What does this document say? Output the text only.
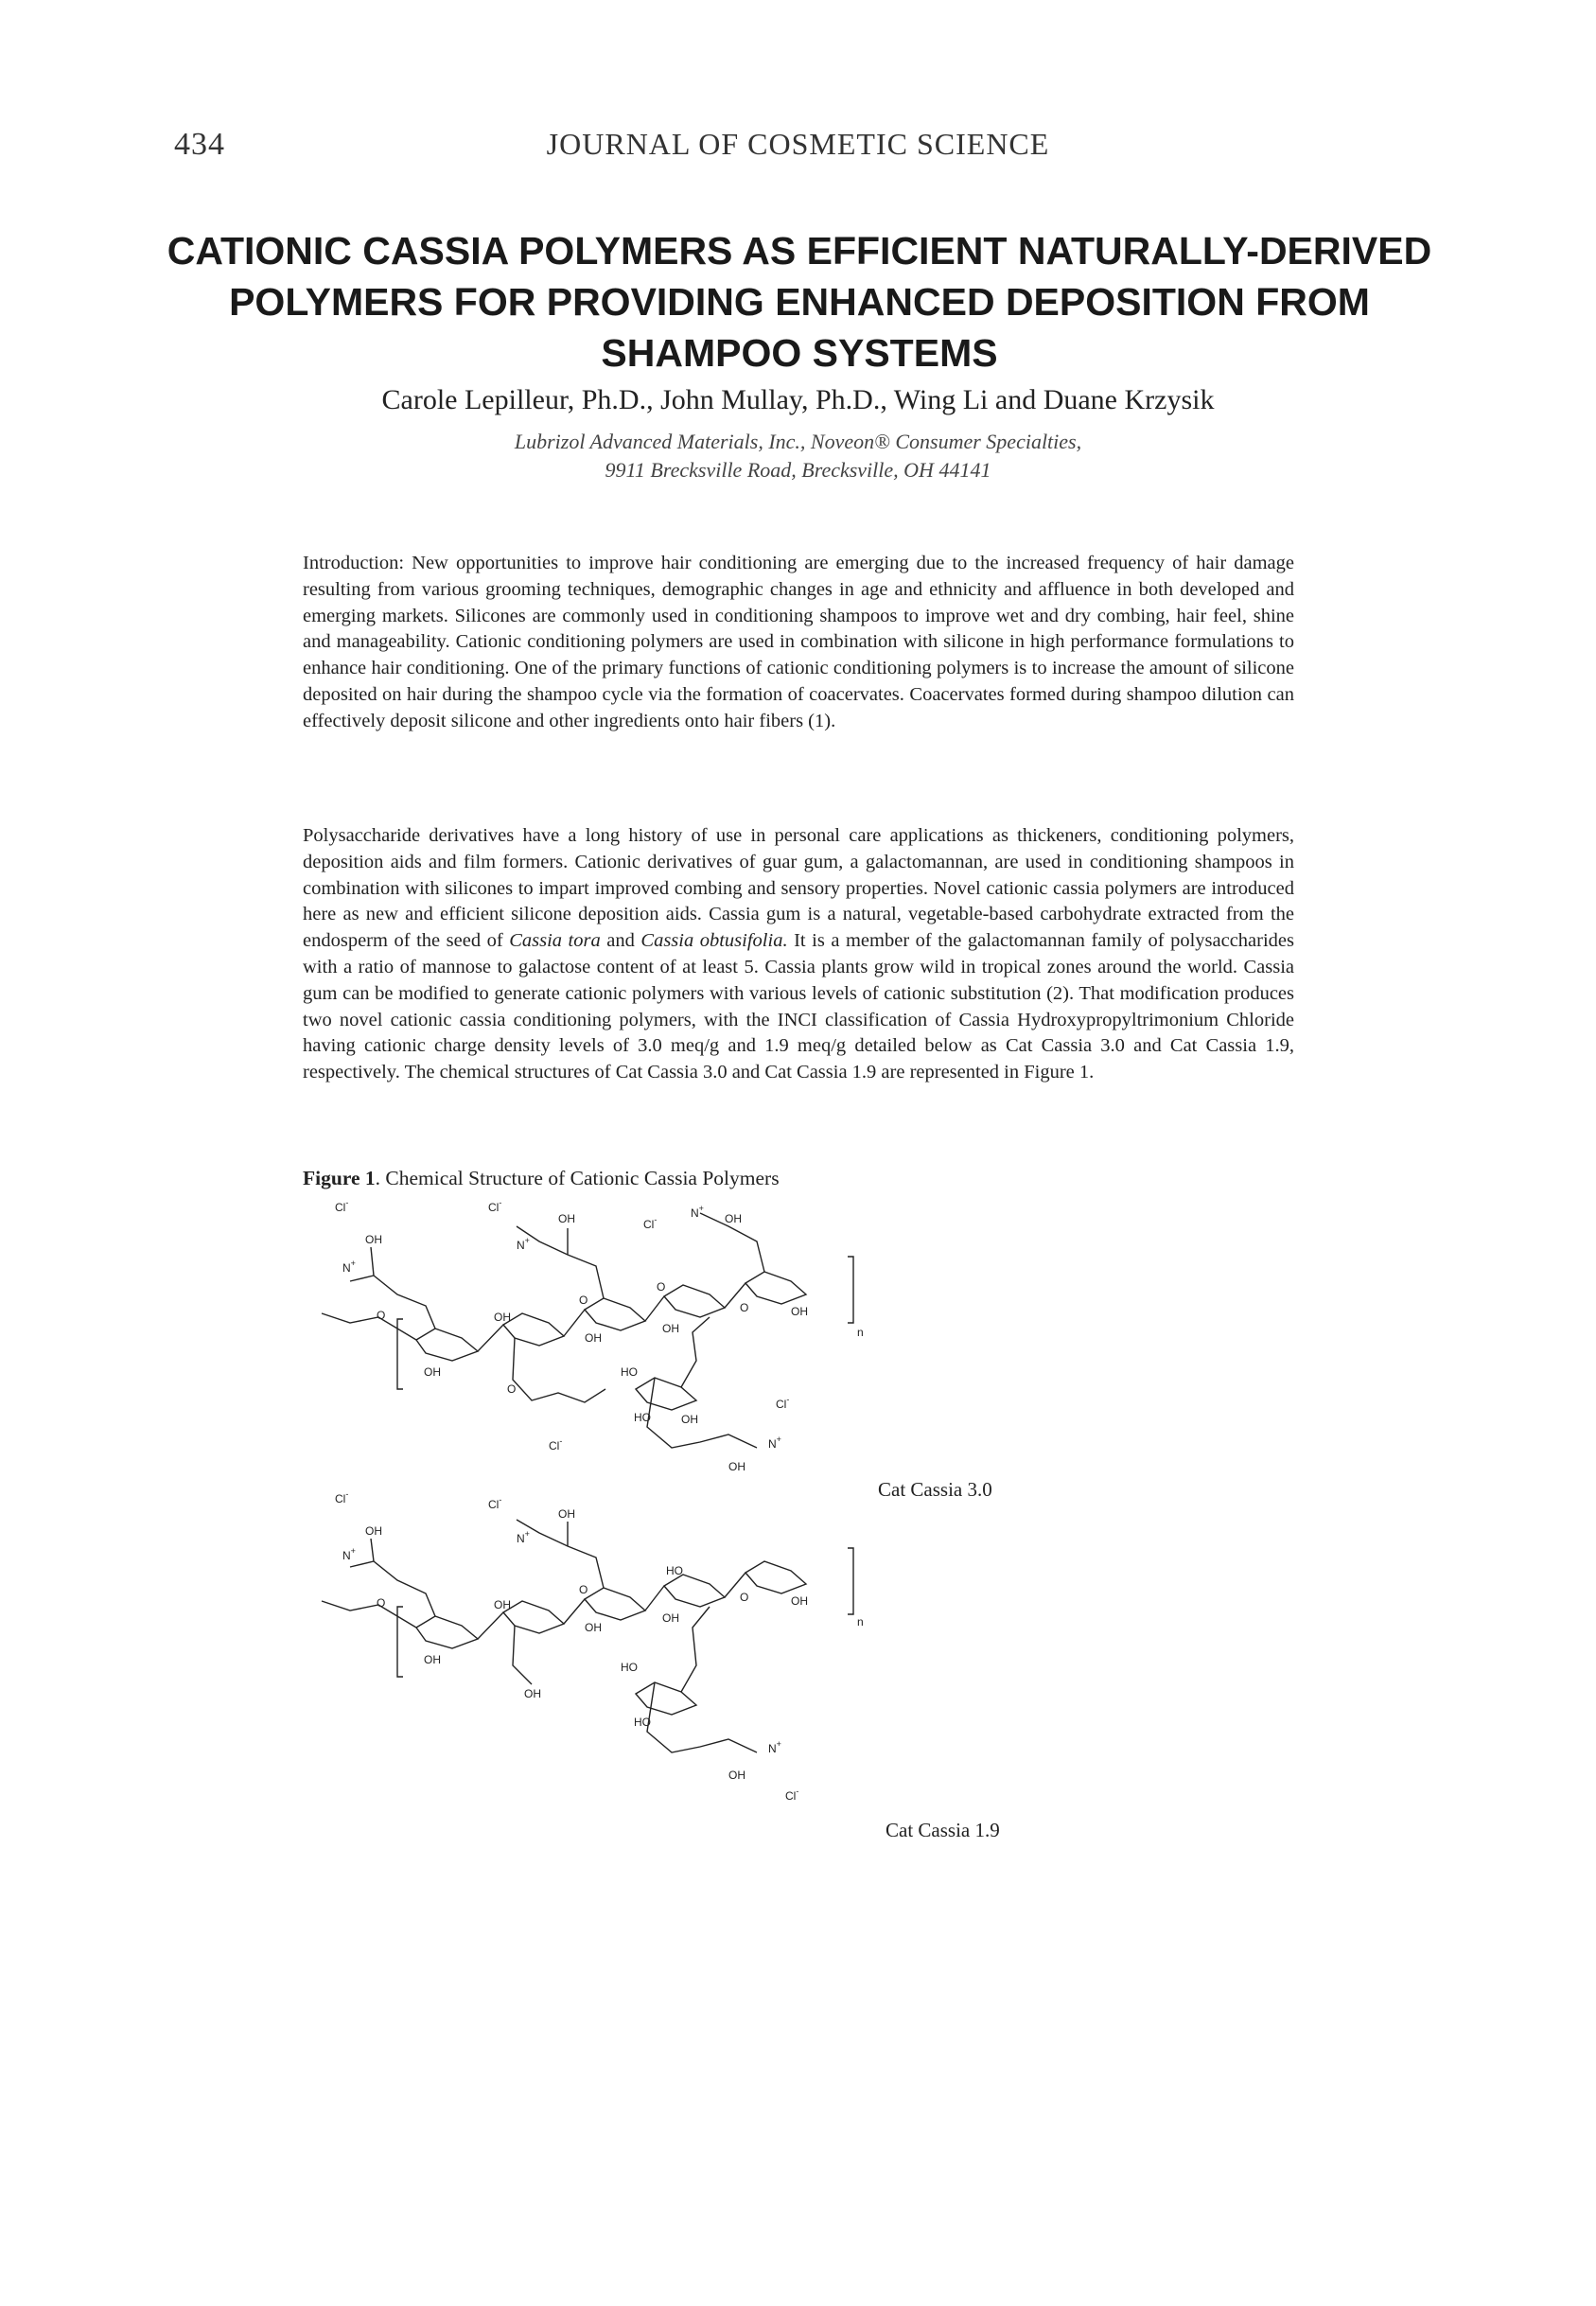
434	JOURNAL OF COSMETIC SCIENCE
CATIONIC CASSIA POLYMERS AS EFFICIENT NATURALLY-DERIVED POLYMERS FOR PROVIDING ENHANCED DEPOSITION FROM SHAMPOO SYSTEMS
Carole Lepilleur, Ph.D., John Mullay, Ph.D., Wing Li and Duane Krzysik
Lubrizol Advanced Materials, Inc., Noveon® Consumer Specialties,
9911 Brecksville Road, Brecksville, OH 44141

Introduction: New opportunities to improve hair conditioning are emerging due to the increased frequency of hair damage resulting from various grooming techniques, demographic changes in age and ethnicity and affluence in both developed and emerging markets. Silicones are commonly used in conditioning shampoos to improve wet and dry combing, hair feel, shine and manageability. Cationic conditioning polymers are used in combination with silicone in high performance formulations to enhance hair conditioning. One of the primary functions of cationic conditioning polymers is to increase the amount of silicone deposited on hair during the shampoo cycle via the formation of coacervates. Coacervates formed during shampoo dilution can effectively deposit silicone and other ingredients onto hair fibers (1).

Polysaccharide derivatives have a long history of use in personal care applications as thickeners, conditioning polymers, deposition aids and film formers. Cationic derivatives of guar gum, a galactomannan, are used in conditioning shampoos in combination with silicones to impart improved combing and sensory properties. Novel cationic cassia polymers are introduced here as new and efficient silicone deposition aids. Cassia gum is a natural, vegetable-based carbohydrate extracted from the endosperm of the seed of Cassia tora and Cassia obtusifolia. It is a member of the galactomannan family of polysaccharides with a ratio of mannose to galactose content of at least 5. Cassia plants grow wild in tropical zones around the world. Cassia gum can be modified to generate cationic polymers with various levels of cationic substitution (2). That modification produces two novel cationic cassia conditioning polymers, with the INCI classification of Cassia Hydroxypropyltrimonium Chloride having cationic charge density levels of 3.0 meq/g and 1.9 meq/g detailed below as Cat Cassia 3.0 and Cat Cassia 1.9, respectively. The chemical structures of Cat Cassia 3.0 and Cat Cassia 1.9 are represented in Figure 1.

Figure 1. Chemical Structure of Cationic Cassia Polymers
Cl-	Cl-
Cl-
Cl-
Cl-
N+
N+
N+
N+
OH
OH	OH
OH
OH
OH
OH
OH
OH
OH
HO
HO
O
O
O
O
O
n
Cat Cassia 3.0
Cl-
Cl-
Cl-
N+
N+
N+
OH
OH
OH
OH
OH
OH
OH
OH
OH
HO
HO
HO
O
O
O
n
Cat Cassia 1.9
